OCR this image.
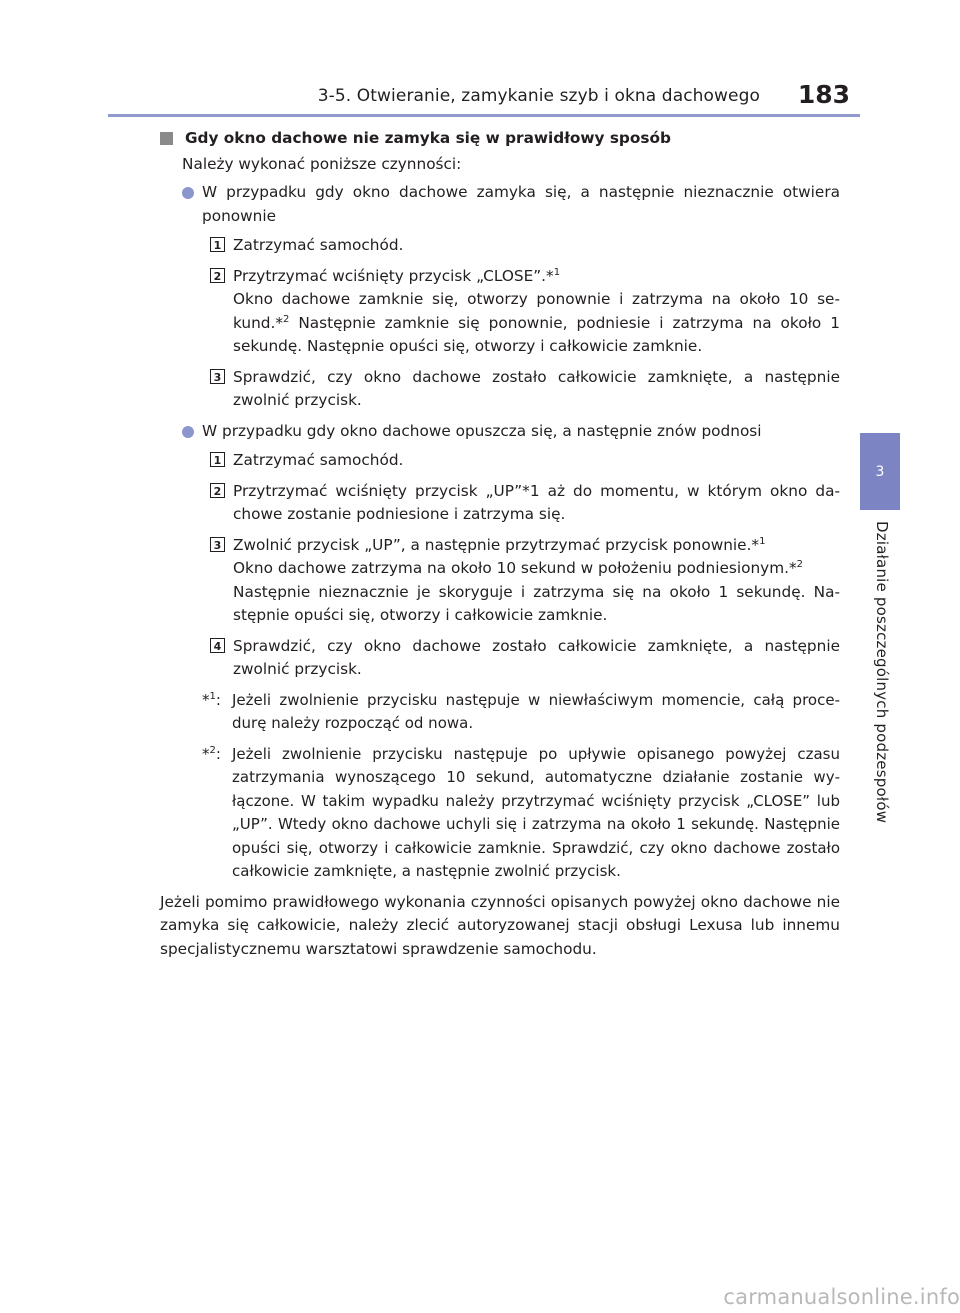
3-5. Otwieranie, zamykanie szyb i okna dachowego	183
3
Działanie poszczególnych podzespołów
Gdy okno dachowe nie zamyka się w prawidłowy sposób
Należy wykonać poniższe czynności:
W przypadku gdy okno dachowe zamyka się, a następnie nieznacznie otwiera ponownie
1 Zatrzymać samochód.
2 Przytrzymać wciśnięty przycisk „CLOSE”.*$^1$
Okno dachowe zamknie się, otworzy ponownie i zatrzyma na około 10 sekund.*$^2$ Następnie zamknie się ponownie, podniesie i zatrzyma na około 1 sekundę. Następnie opuści się, otworzy i całkowicie zamknie.
3 Sprawdzić, czy okno dachowe zostało całkowicie zamknięte, a następnie zwolnić przycisk.
W przypadku gdy okno dachowe opuszcza się, a następnie znów podnosi
1 Zatrzymać samochód.
2 Przytrzymać wciśnięty przycisk „UP”*1 aż do momentu, w którym okno dachowe zostanie podniesione i zatrzyma się.
3 Zwolnić przycisk „UP”, a następnie przytrzymać przycisk ponownie.*$^1$
Okno dachowe zatrzyma na około 10 sekund w położeniu podniesionym.*$^2$
Następnie nieznacznie je skoryguje i zatrzyma się na około 1 sekundę. Następnie opuści się, otworzy i całkowicie zamknie.
4 Sprawdzić, czy okno dachowe zostało całkowicie zamknięte, a następnie zwolnić przycisk.
*$^1$: Jeżeli zwolnienie przycisku następuje w niewłaściwym momencie, całą procedurę należy rozpocząć od nowa.
*$^2$: Jeżeli zwolnienie przycisku następuje po upływie opisanego powyżej czasu zatrzymania wynoszącego 10 sekund, automatyczne działanie zostanie wyłączone. W takim wypadku należy przytrzymać wciśnięty przycisk „CLOSE” lub „UP”. Wtedy okno dachowe uchyli się i zatrzyma na około 1 sekundę. Następnie opuści się, otworzy i całkowicie zamknie. Sprawdzić, czy okno dachowe zostało całkowicie zamknięte, a następnie zwolnić przycisk.
Jeżeli pomimo prawidłowego wykonania czynności opisanych powyżej okno dachowe nie zamyka się całkowicie, należy zlecić autoryzowanej stacji obsługi Lexusa lub innemu specjalistycznemu warsztatowi sprawdzenie samochodu.
carmanualsonline.info
